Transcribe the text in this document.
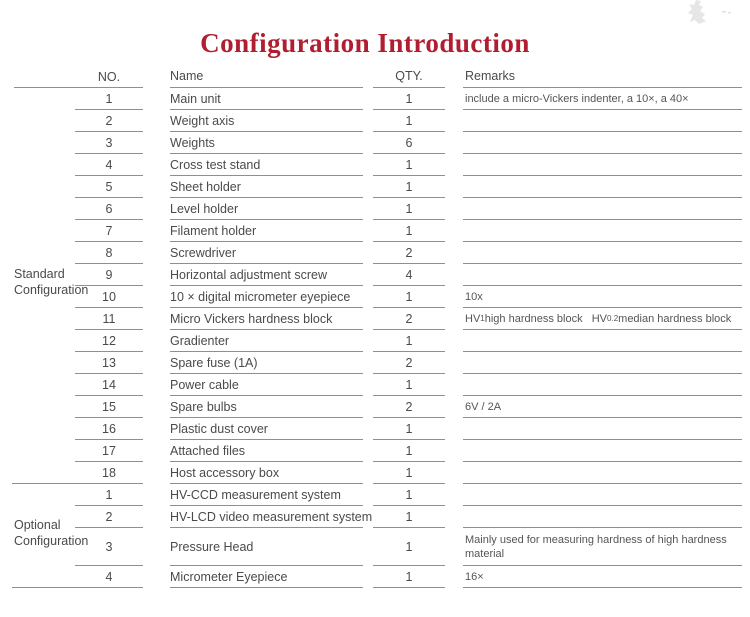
Configuration Introduction
NO.	Name	QTY.	Remarks
Standard Configuration
1	Main unit	1	include a micro-Vickers indenter, a 10×, a 40×
2	Weight axis	1
3	Weights	6
4	Cross test stand	1
5	Sheet holder	1
6	Level holder	1
7	Filament holder	1
8	Screwdriver	2
9	Horizontal adjustment screw	4
10	10 × digital micrometer eyepiece	1	10x
11	Micro Vickers hardness block	2	HV 1 high hardness block   HV 0.2 median hardness block
12	Gradienter	1
13	Spare fuse (1A)	2
14	Power cable	1
15	Spare bulbs	2	6V / 2A
16	Plastic dust cover	1
17	Attached files	1
18	Host accessory box	1
Optional Configuration
1	HV-CCD measurement system	1
2	HV-LCD video measurement system	1
3	Pressure Head	1	Mainly used for measuring hardness of high hardness material
4	Micrometer Eyepiece	1	16×
